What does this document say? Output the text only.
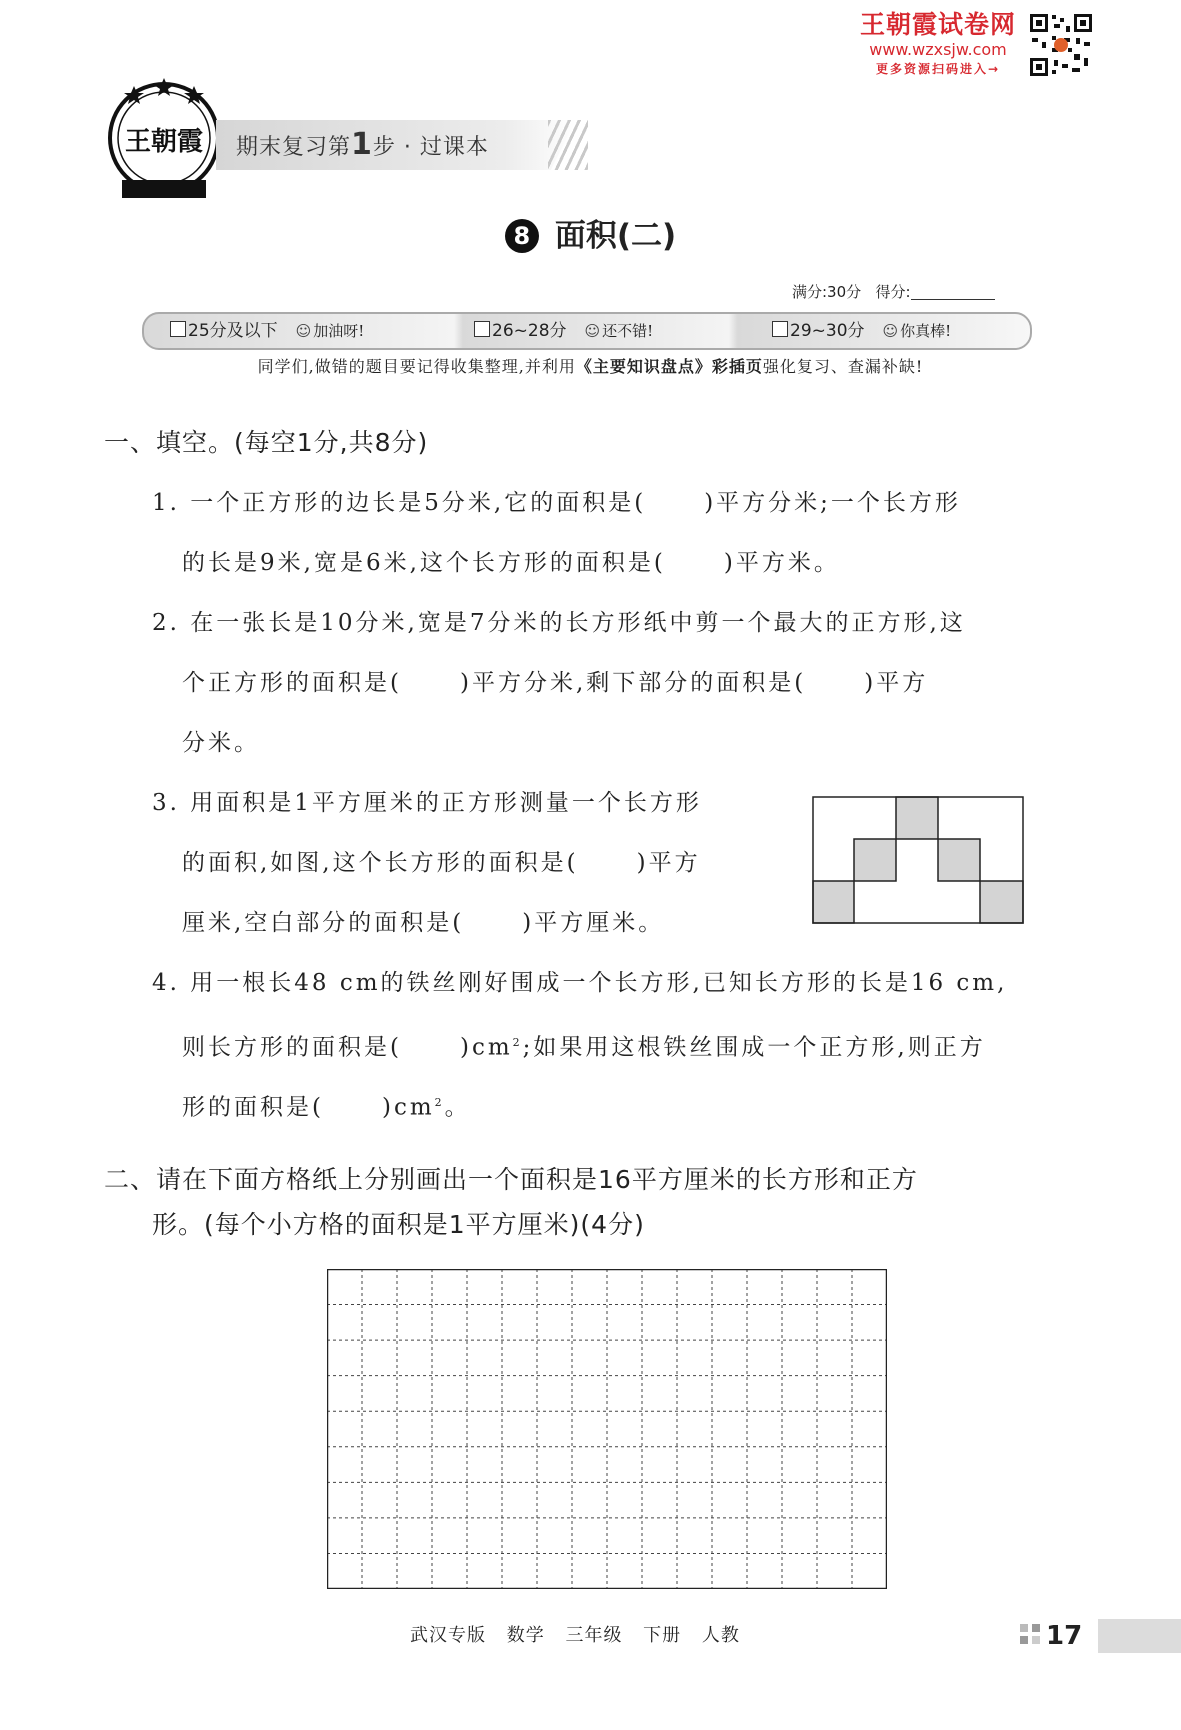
王朝霞试卷网
www.wzxsjw.com
更多资源扫码进入→
王朝霞 期末复习第1步 · 过课本
8 面积(二)
满分:30分 得分:
25分及以下 ☺ 加油呀!	26~28分 ☺ 还不错!	29~30分 ☺ 你真棒!
同学们,做错的题目要记得收集整理,并利用《主要知识盘点》彩插页强化复习、查漏补缺!
一、填空。(每空1分,共8分)
1. 一个正方形的边长是5分米,它的面积是(	)平方分米;一个长方形
的长是9米,宽是6米,这个长方形的面积是(	)平方米。
2. 在一张长是10分米,宽是7分米的长方形纸中剪一个最大的正方形,这
个正方形的面积是(	)平方分米,剩下部分的面积是(	)平方
分米。
3. 用面积是1平方厘米的正方形测量一个长方形
的面积,如图,这个长方形的面积是(	)平方
厘米,空白部分的面积是(	)平方厘米。
4. 用一根长48 cm的铁丝刚好围成一个长方形,已知长方形的长是16 cm,
则长方形的面积是(	)$cm^2$;如果用这根铁丝围成一个正方形,则正方
形的面积是(	)$cm^2$。
二、请在下面方格纸上分别画出一个面积是16平方厘米的长方形和正方
形。(每个小方格的面积是1平方厘米)(4分)
武汉专版 数学 三年级 下册 人教	17
